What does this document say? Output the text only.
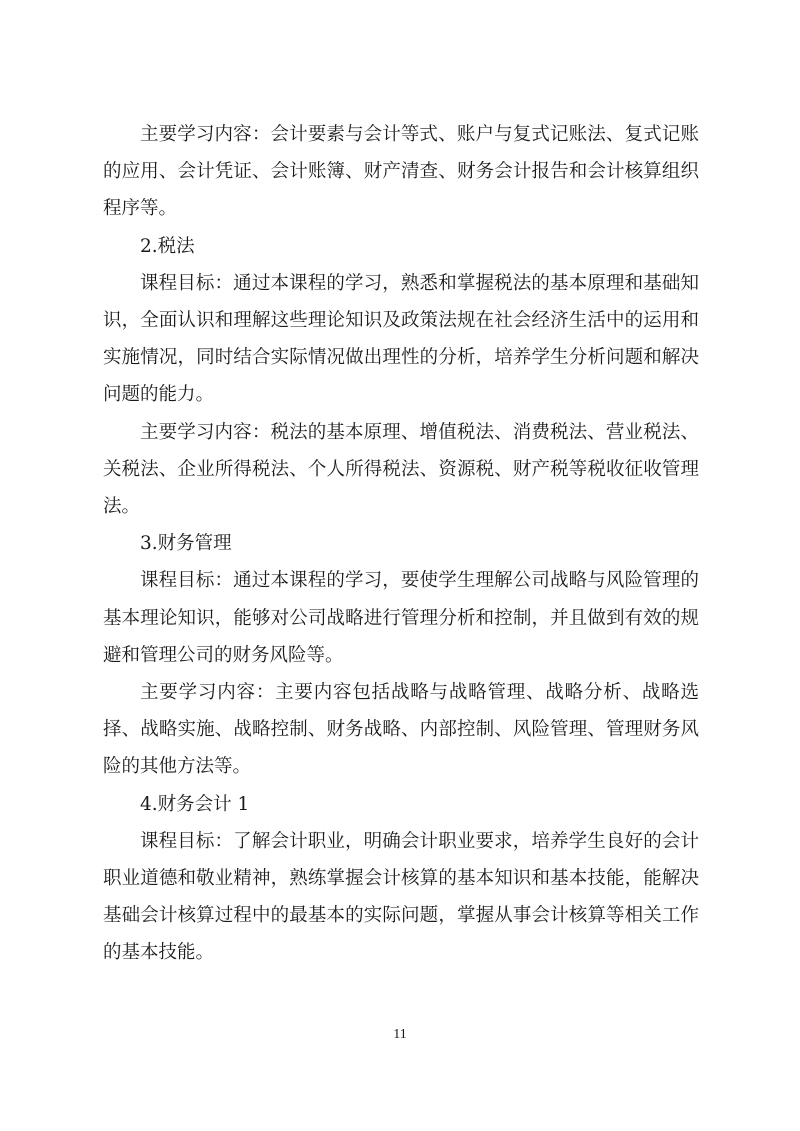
主要学习内容：会计要素与会计等式、账户与复式记账法、复式记账的应用、会计凭证、会计账簿、财产清查、财务会计报告和会计核算组织程序等。

2.税法

课程目标：通过本课程的学习，熟悉和掌握税法的基本原理和基础知识，全面认识和理解这些理论知识及政策法规在社会经济生活中的运用和实施情况，同时结合实际情况做出理性的分析，培养学生分析问题和解决问题的能力。

主要学习内容：税法的基本原理、增值税法、消费税法、营业税法、关税法、企业所得税法、个人所得税法、资源税、财产税等税收征收管理法。

3.财务管理

课程目标：通过本课程的学习，要使学生理解公司战略与风险管理的基本理论知识，能够对公司战略进行管理分析和控制，并且做到有效的规避和管理公司的财务风险等。

主要学习内容：主要内容包括战略与战略管理、战略分析、战略选择、战略实施、战略控制、财务战略、内部控制、风险管理、管理财务风险的其他方法等。

4.财务会计 1

课程目标：了解会计职业，明确会计职业要求，培养学生良好的会计职业道德和敬业精神，熟练掌握会计核算的基本知识和基本技能，能解决基础会计核算过程中的最基本的实际问题，掌握从事会计核算等相关工作的基本技能。

11
